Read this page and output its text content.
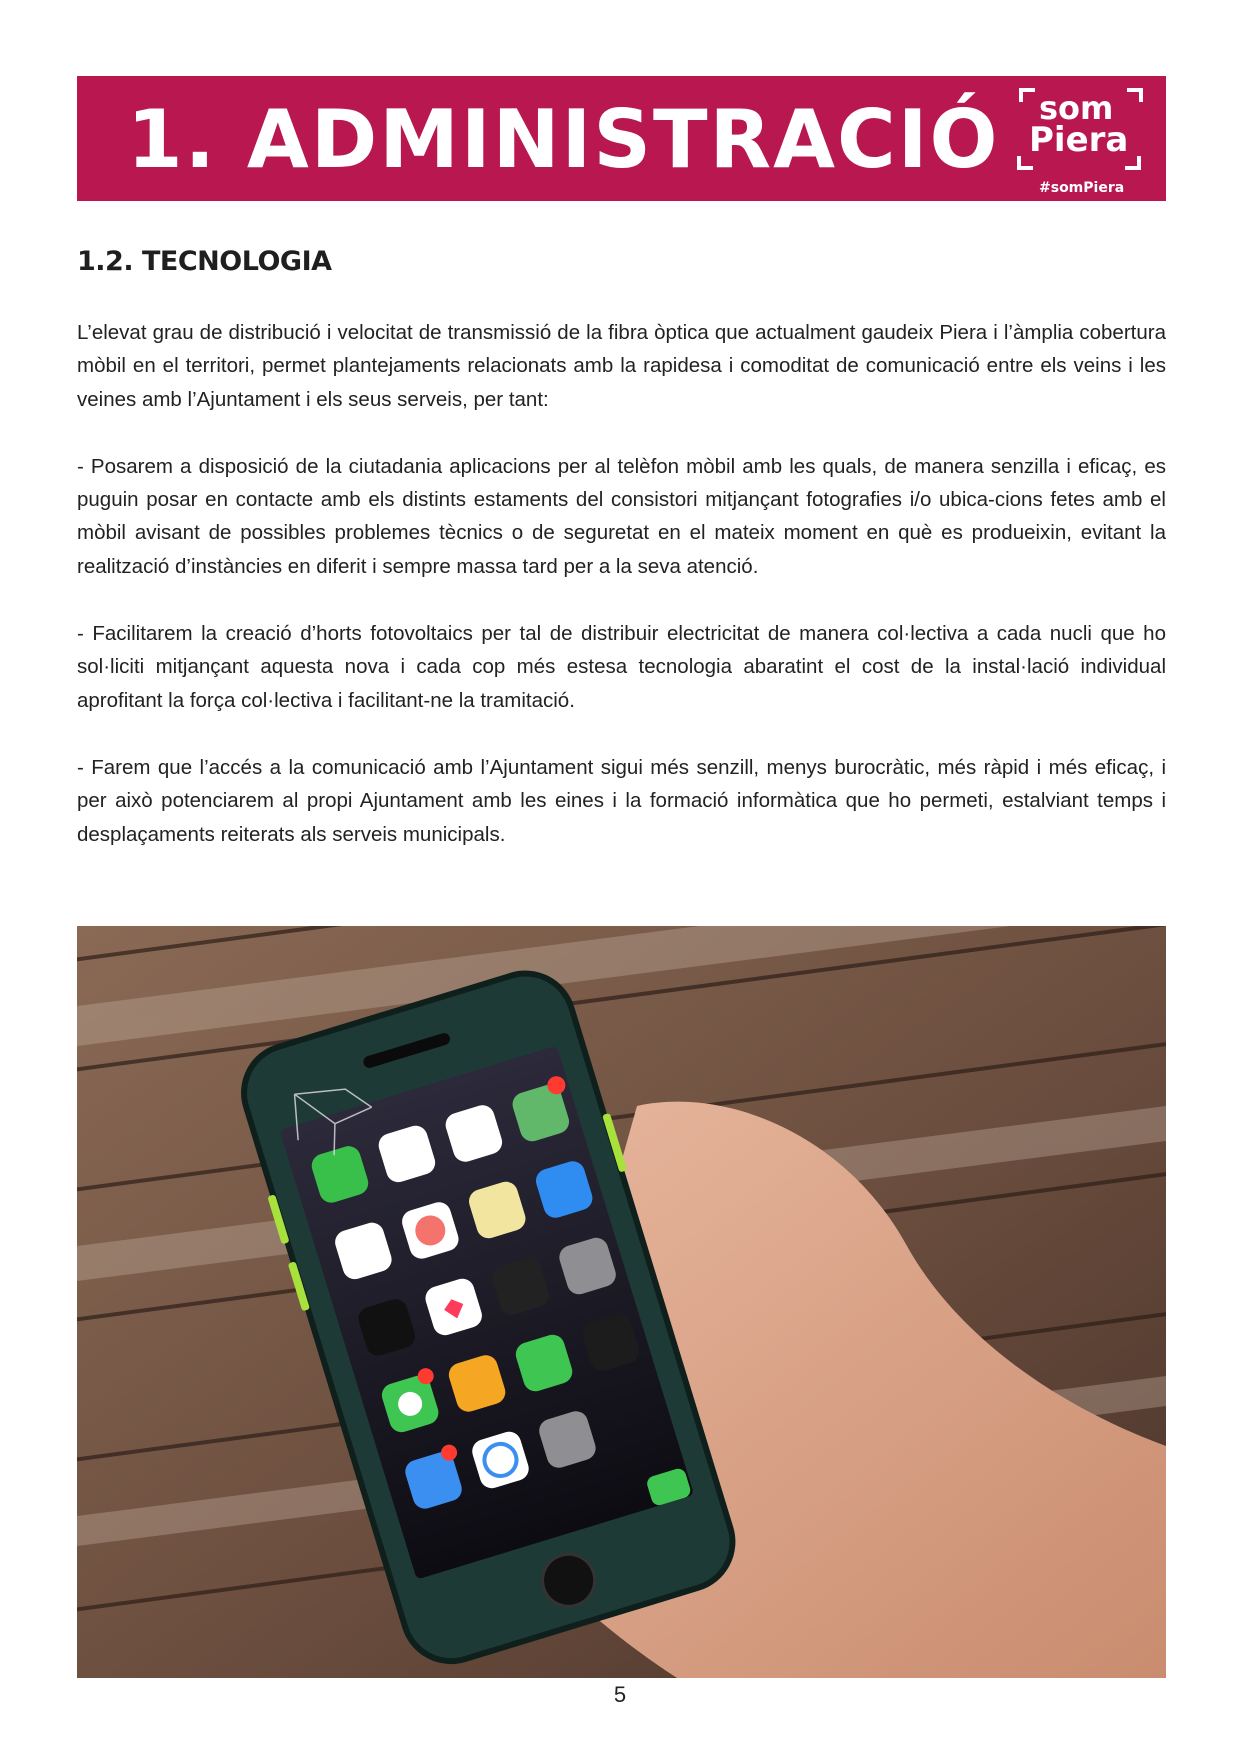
1. ADMINISTRACIÓ som
Piera
#somPiera
1.2. TECNOLOGIA

L’elevat grau de distribució i velocitat de transmissió de la fibra òptica que actualment gaudeix Piera i l’àmplia cobertura mòbil en el territori, permet plantejaments relacionats amb la rapidesa i comoditat de comunicació entre els veins i les veines amb l’Ajuntament i els seus serveis, per tant:

- Posarem a disposició de la ciutadania aplicacions per al telèfon mòbil amb les quals, de manera senzilla i eficaç, es puguin posar en contacte amb els distints estaments del consistori mitjançant fotografies i/o ubica-cions fetes amb el mòbil avisant de possibles problemes tècnics o de seguretat en el mateix moment en què es produeixin, evitant la realització d’instàncies en diferit i sempre massa tard per a la seva atenció.

- Facilitarem la creació d’horts fotovoltaics per tal de distribuir electricitat de manera col·lectiva a cada nucli que ho sol·liciti mitjançant aquesta nova i cada cop més estesa tecnologia abaratint el cost de la instal·lació individual aprofitant la força col·lectiva i facilitant-ne la tramitació.

- Farem que l’accés a la comunicació amb l’Ajuntament sigui més senzill, menys burocràtic, més ràpid i més eficaç, i per això potenciarem al propi Ajuntament amb les eines i la formació informàtica que ho permeti, estalviant temps i desplaçaments reiterats als serveis municipals.

5
